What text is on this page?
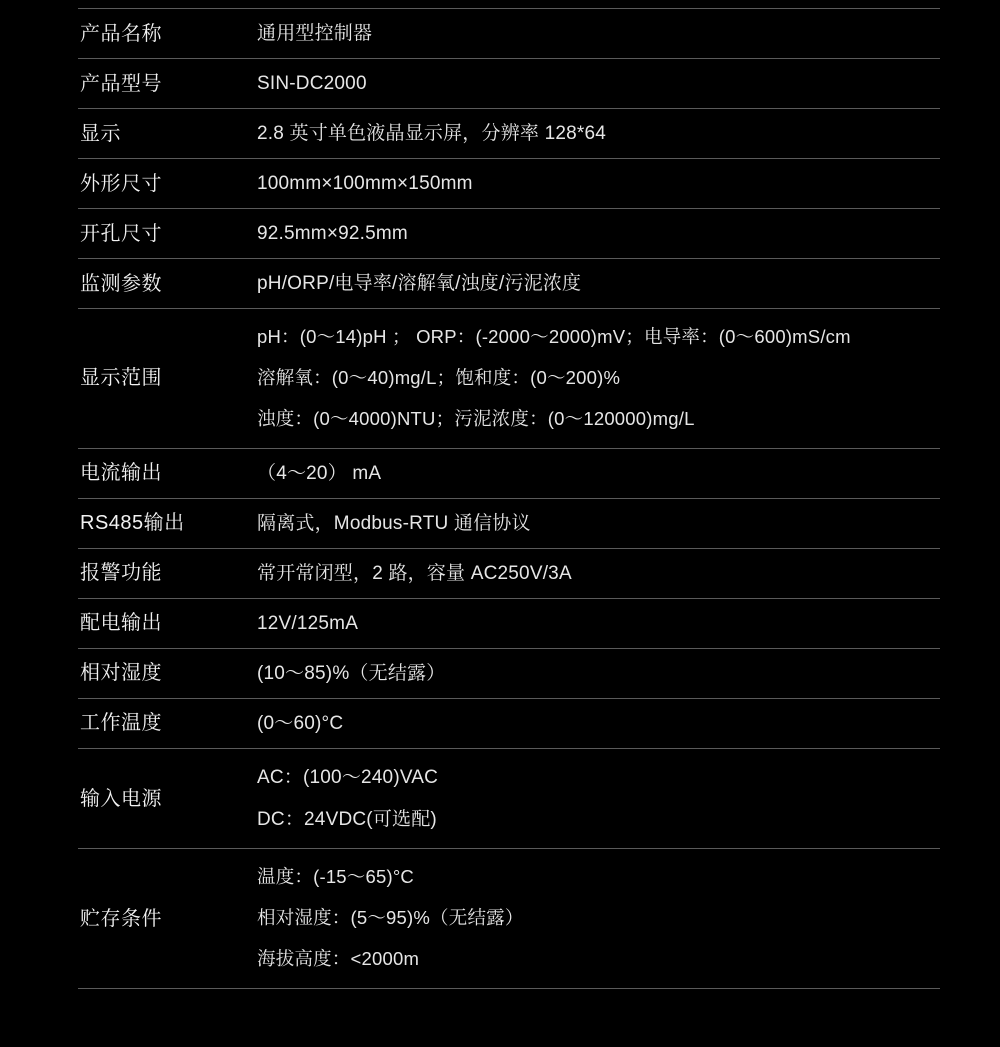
产品名称	通用型控制器

产品型号	SIN-DC2000

显示	2.8 英寸单色液晶显示屏，分辨率 128*64

外形尺寸	100mm×100mm×150mm

开孔尺寸	92.5mm×92.5mm

监测参数	pH/ORP/电导率/溶解氧/浊度/污泥浓度

显示范围	pH：(0～14)pH ； ORP：(-2000～2000)mV；电导率：(0～600)mS/cm
溶解氧：(0～40)mg/L；饱和度：(0～200)%
浊度：(0～4000)NTU；污泥浓度：(0～120000)mg/L

电流输出	（4～20） mA

RS485输出	隔离式，Modbus-RTU 通信协议

报警功能	常开常闭型，2 路，容量 AC250V/3A

配电输出	12V/125mA

相对湿度	(10～85)%（无结露）

工作温度	(0～60)°C

输入电源	AC：(100～240)VAC
DC：24VDC(可选配)

贮存条件	温度：(-15～65)°C
相对湿度：(5～95)%（无结露）
海拔高度：<2000m
